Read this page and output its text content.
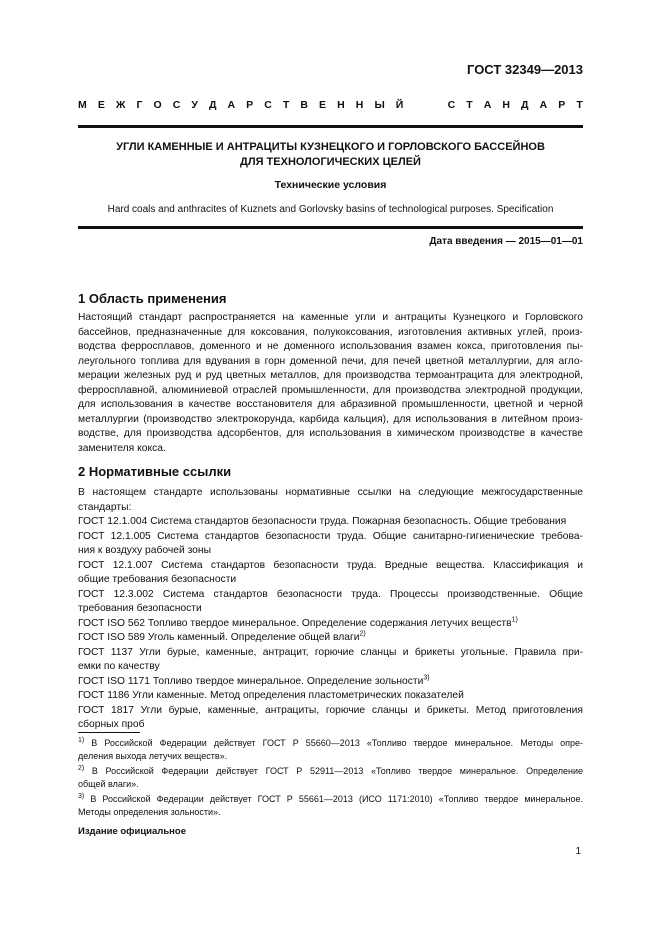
ГОСТ 32349—2013
М Е Ж Г О С У Д А Р С Т В Е Н Н Ы Й	С Т А Н Д А Р Т
УГЛИ КАМЕННЫЕ И АНТРАЦИТЫ КУЗНЕЦКОГО И ГОРЛОВСКОГО БАССЕЙНОВ
ДЛЯ ТЕХНОЛОГИЧЕСКИХ ЦЕЛЕЙ
Технические условия
Hard coals and anthracites of Kuznets and Gorlovsky basins of technological purposes. Specification
Дата введения — 2015—01—01
1 Область применения
Настоящий стандарт распространяется на каменные угли и антрациты Кузнецкого и Горловского
бассейнов, предназначенные для коксования, полукоксования, изготовления активных углей, произ-
водства ферросплавов, доменного и не доменного использования взамен кокса, приготовления пы-
леугольного топлива для вдувания в горн доменной печи, для печей цветной металлургии, для агло-
мерации железных руд и руд цветных металлов, для производства термоантрацита для электродной,
ферросплавной, алюминиевой отраслей промышленности, для производства электродной продукции,
для использования в качестве восстановителя для абразивной промышленности, цветной и черной
металлургии (производство электрокорунда, карбида кальция), для использования в литейном произ-
водстве, для производства адсорбентов, для использования в химическом производстве в качестве
заменителя кокса.
2 Нормативные ссылки
В настоящем стандарте использованы нормативные ссылки на следующие межгосударственные
стандарты:
ГОСТ 12.1.004 Система стандартов безопасности труда. Пожарная безопасность. Общие требования
ГОСТ 12.1.005 Система стандартов безопасности труда. Общие санитарно-гигиенические требова-
ния к воздуху рабочей зоны
ГОСТ 12.1.007 Система стандартов безопасности труда. Вредные вещества. Классификация и
общие требования безопасности
ГОСТ 12.3.002 Система стандартов безопасности труда. Процессы производственные. Общие
требования безопасности
ГОСТ ISO 562 Топливо твердое минеральное. Определение содержания летучих веществ$^{1)}$
ГОСТ ISO 589 Уголь каменный. Определение общей влаги$^{2)}$
ГОСТ 1137 Угли бурые, каменные, антрацит, горючие сланцы и брикеты угольные. Правила при-
емки по качеству
ГОСТ ISO 1171 Топливо твердое минеральное. Определение зольности$^{3)}$
ГОСТ 1186 Угли каменные. Метод определения пластометрических показателей
ГОСТ 1817 Угли бурые, каменные, антрациты, горючие сланцы и брикеты. Метод приготовления
сборных проб
$^{1)}$ В Российской Федерации действует ГОСТ Р 55660—2013 «Топливо твердое минеральное. Методы опре-
деления выхода летучих веществ».
$^{2)}$ В Российской Федерации действует ГОСТ Р 52911—2013 «Топливо твердое минеральное. Определение
общей влаги».
$^{3)}$ В Российской Федерации действует ГОСТ Р 55661—2013 (ИСО 1171:2010) «Топливо твердое минеральное.
Методы определения зольности».
Издание официальное
1
